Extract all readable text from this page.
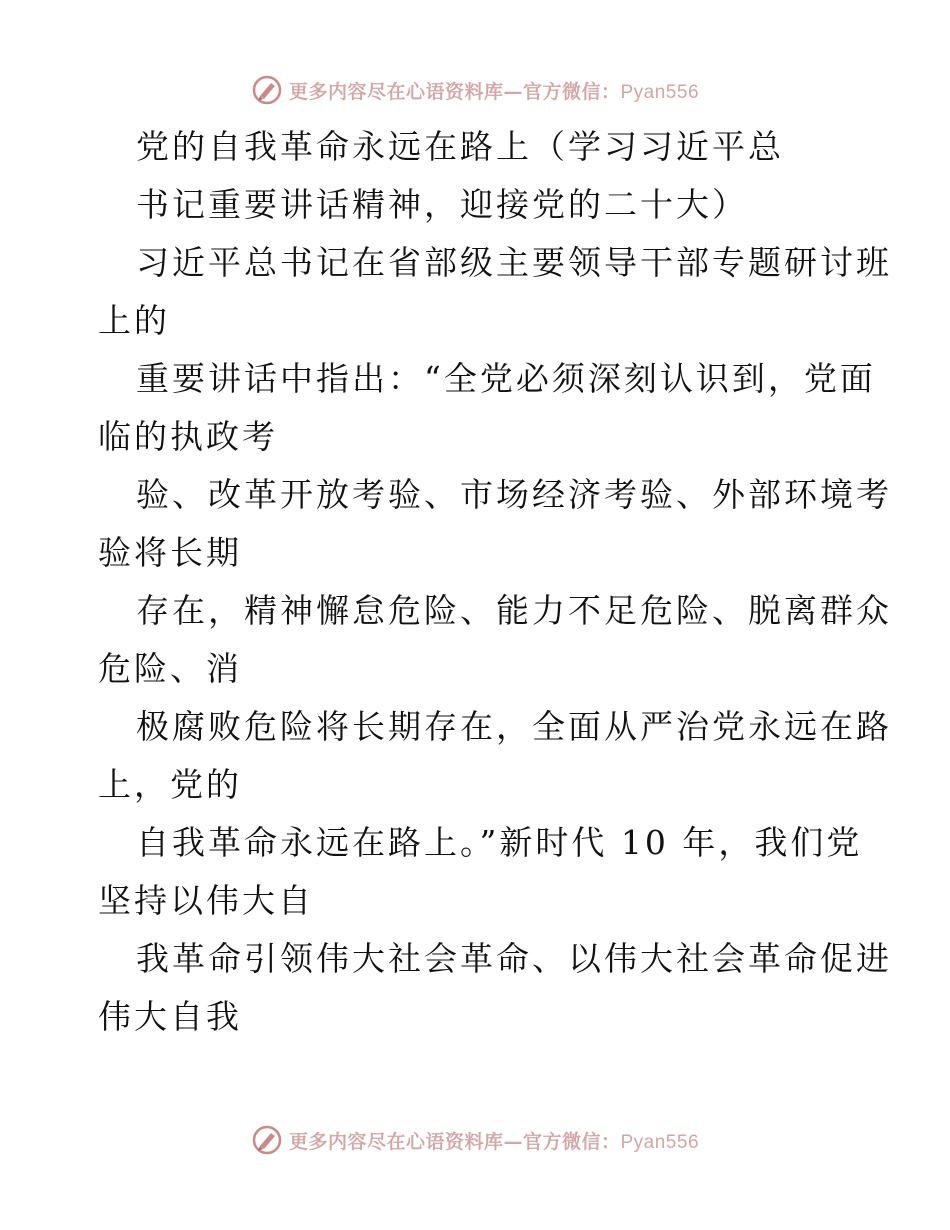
更多内容尽在心语资料库—官方微信：Pyan556
党的自我革命永远在路上（学习习近平总
书记重要讲话精神，迎接党的二十大）
习近平总书记在省部级主要领导干部专题研讨班
上的
重要讲话中指出：“全党必须深刻认识到，党面
临的执政考
验、改革开放考验、市场经济考验、外部环境考
验将长期
存在，精神懈怠危险、能力不足危险、脱离群众
危险、消
极腐败危险将长期存在，全面从严治党永远在路
上，党的
自我革命永远在路上。”新时代 10 年，我们党
坚持以伟大自
我革命引领伟大社会革命、以伟大社会革命促进
伟大自我
更多内容尽在心语资料库—官方微信：Pyan556
